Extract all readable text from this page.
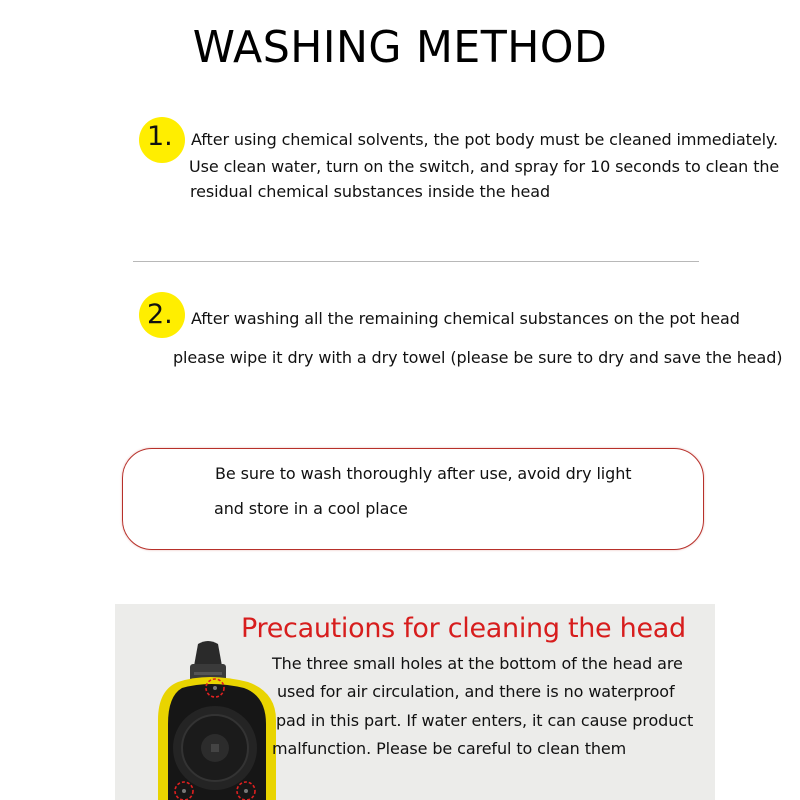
WASHING METHOD
1. After using chemical solvents, the pot body must be cleaned immediately.
Use clean water, turn on the switch, and spray for 10 seconds to clean the
residual chemical substances inside the head
2. After washing all the remaining chemical substances on the pot head
please wipe it dry with a dry towel (please be sure to dry and save the head)
Be sure to wash thoroughly after use, avoid dry light
and store in a cool place
Precautions for cleaning the head
The three small holes at the bottom of the head are
used for air circulation, and there is no waterproof
pad in this part. If water enters, it can cause product
malfunction. Please be careful to clean them
